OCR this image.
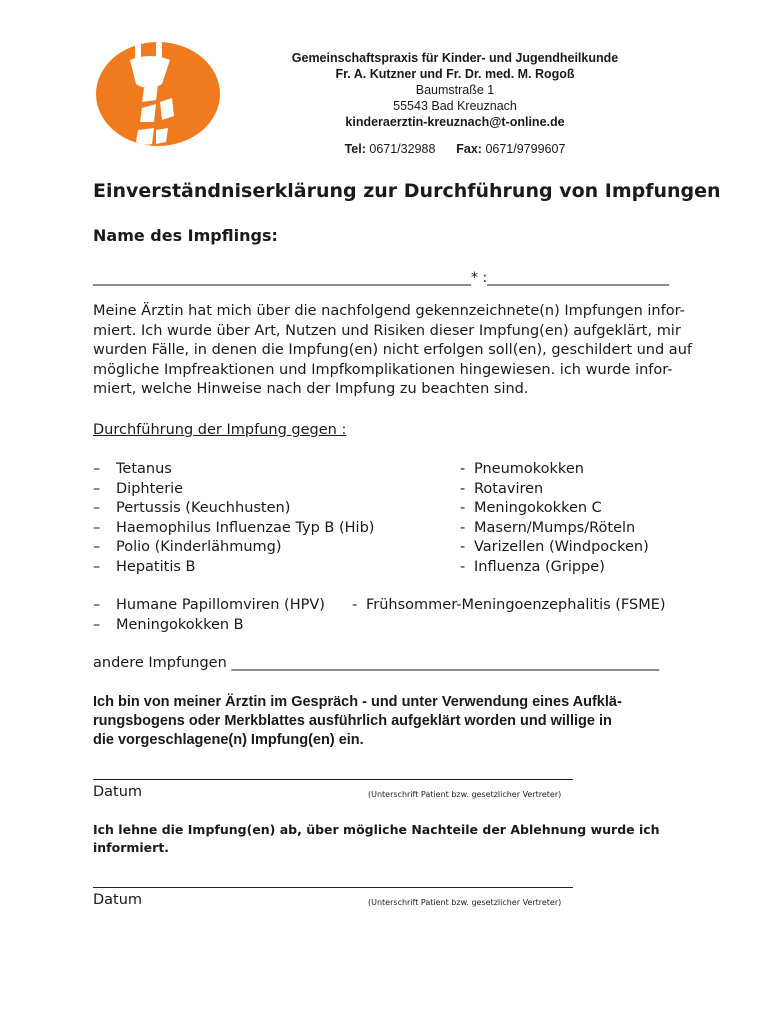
Gemeinschaftspraxis für Kinder- und Jugendheilkunde
Fr. A. Kutzner und Fr. Dr. med. M. Rogoß
Baumstraße 1
55543 Bad Kreuznach
kinderaerztin-kreuznach@t-online.de
Tel: 0671/32988 Fax: 0671/9799607
Einverständniserklärung zur Durchführung von Impfungen
Name des Impflings:
______________________________________________________* :__________________________

Meine Ärztin hat mich über die nachfolgend gekennzeichnete(n) Impfungen infor-

miert. Ich wurde über Art, Nutzen und Risiken dieser Impfung(en) aufgeklärt, mir

wurden Fälle, in denen die Impfung(en) nicht erfolgen soll(en), geschildert und auf

mögliche Impfreaktionen und Impfkomplikationen hingewiesen. ich wurde infor-

miert, welche Hinweise nach der Impfung zu beachten sind.

Durchführung der Impfung gegen :
– Tetanus
– Diphterie
– Pertussis (Keuchhusten)
– Haemophilus Influenzae Typ B (Hib)
– Polio (Kinderlähmumg)
– Hepatitis B
- Pneumokokken
- Rotaviren
- Meningokokken C
- Masern/Mumps/Röteln
- Varizellen (Windpocken)
- Influenza (Grippe)
– Humane Papillomviren (HPV)
– Meningokokken B
- Frühsommer-Meningoenzephalitis (FSME)
andere Impfungen ___________________________________________________________

Ich bin von meiner Ärztin im Gespräch - und unter Verwendung eines Aufklä-

rungsbogens oder Merkblattes ausführlich aufgeklärt worden und willige in

die vorgeschlagene(n) Impfung(en) ein.

Datum	(Unterschrift Patient bzw. gesetzlicher Vertreter)

Ich lehne die Impfung(en) ab, über mögliche Nachteile der Ablehnung wurde ich

informiert.

Datum	(Unterschrift Patient bzw. gesetzlicher Vertreter)
